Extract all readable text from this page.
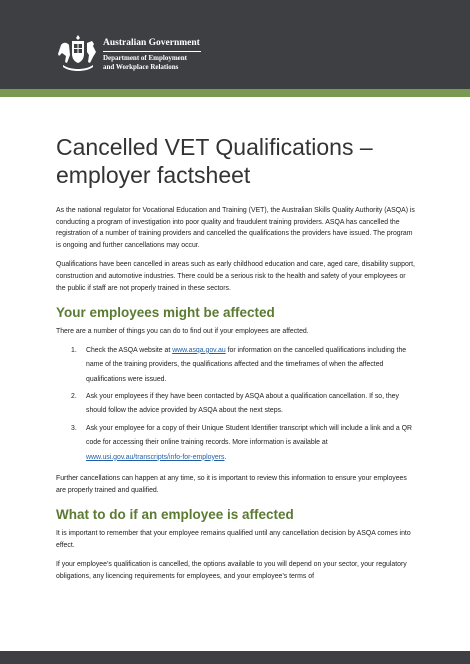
Australian Government
Department of Employment
and Workplace Relations
Cancelled VET Qualifications –
employer factsheet

As the national regulator for Vocational Education and Training (VET), the Australian Skills Quality Authority (ASQA) is conducting a program of investigation into poor quality and fraudulent training providers. ASQA has cancelled the registration of a number of training providers and cancelled the qualifications the providers have issued. The program is ongoing and further cancellations may occur.

Qualifications have been cancelled in areas such as early childhood education and care, aged care, disability support, construction and automotive industries. There could be a serious risk to the health and safety of your employees or the public if staff are not properly trained in these sectors.

Your employees might be affected

There are a number of things you can do to find out if your employees are affected.

1. Check the ASQA website at www.asqa.gov.au for information on the cancelled qualifications including the name of the training providers, the qualifications affected and the timeframes of when the affected qualifications were issued.
2. Ask your employees if they have been contacted by ASQA about a qualification cancellation. If so, they should follow the advice provided by ASQA about the next steps.
3. Ask your employee for a copy of their Unique Student Identifier transcript which will include a link and a QR code for accessing their online training records. More information is available at www.usi.gov.au/transcripts/info-for-employers.

Further cancellations can happen at any time, so it is important to review this information to ensure your employees are properly trained and qualified.

What to do if an employee is affected

It is important to remember that your employee remains qualified until any cancellation decision by ASQA comes into effect.

If your employee’s qualification is cancelled, the options available to you will depend on your sector, your regulatory obligations, any licencing requirements for employees, and your employee’s terms of
